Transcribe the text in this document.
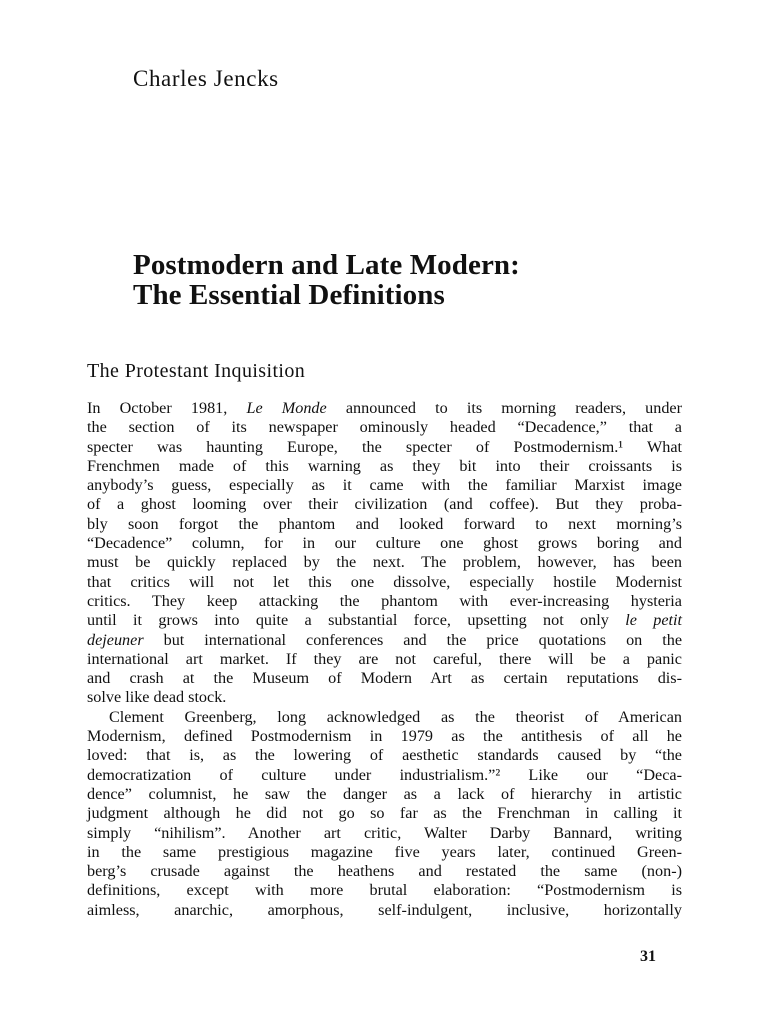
Charles Jencks
Postmodern and Late Modern:
The Essential Definitions
The Protestant Inquisition
In October 1981, Le Monde announced to its morning readers, under
the section of its newspaper ominously headed “Decadence,” that a
specter was haunting Europe, the specter of Postmodernism.¹ What
Frenchmen made of this warning as they bit into their croissants is
anybody’s guess, especially as it came with the familiar Marxist image
of a ghost looming over their civilization (and coffee). But they proba-
bly soon forgot the phantom and looked forward to next morning’s
“Decadence” column, for in our culture one ghost grows boring and
must be quickly replaced by the next. The problem, however, has been
that critics will not let this one dissolve, especially hostile Modernist
critics. They keep attacking the phantom with ever-increasing hysteria
until it grows into quite a substantial force, upsetting not only le petit
dejeuner but international conferences and the price quotations on the
international art market. If they are not careful, there will be a panic
and crash at the Museum of Modern Art as certain reputations dis-
solve like dead stock.
Clement Greenberg, long acknowledged as the theorist of American
Modernism, defined Postmodernism in 1979 as the antithesis of all he
loved: that is, as the lowering of aesthetic standards caused by “the
democratization of culture under industrialism.”² Like our “Deca-
dence” columnist, he saw the danger as a lack of hierarchy in artistic
judgment although he did not go so far as the Frenchman in calling it
simply “nihilism”. Another art critic, Walter Darby Bannard, writing
in the same prestigious magazine five years later, continued Green-
berg’s crusade against the heathens and restated the same (non-)
definitions, except with more brutal elaboration: “Postmodernism is
aimless, anarchic, amorphous, self-indulgent, inclusive, horizontally
31
